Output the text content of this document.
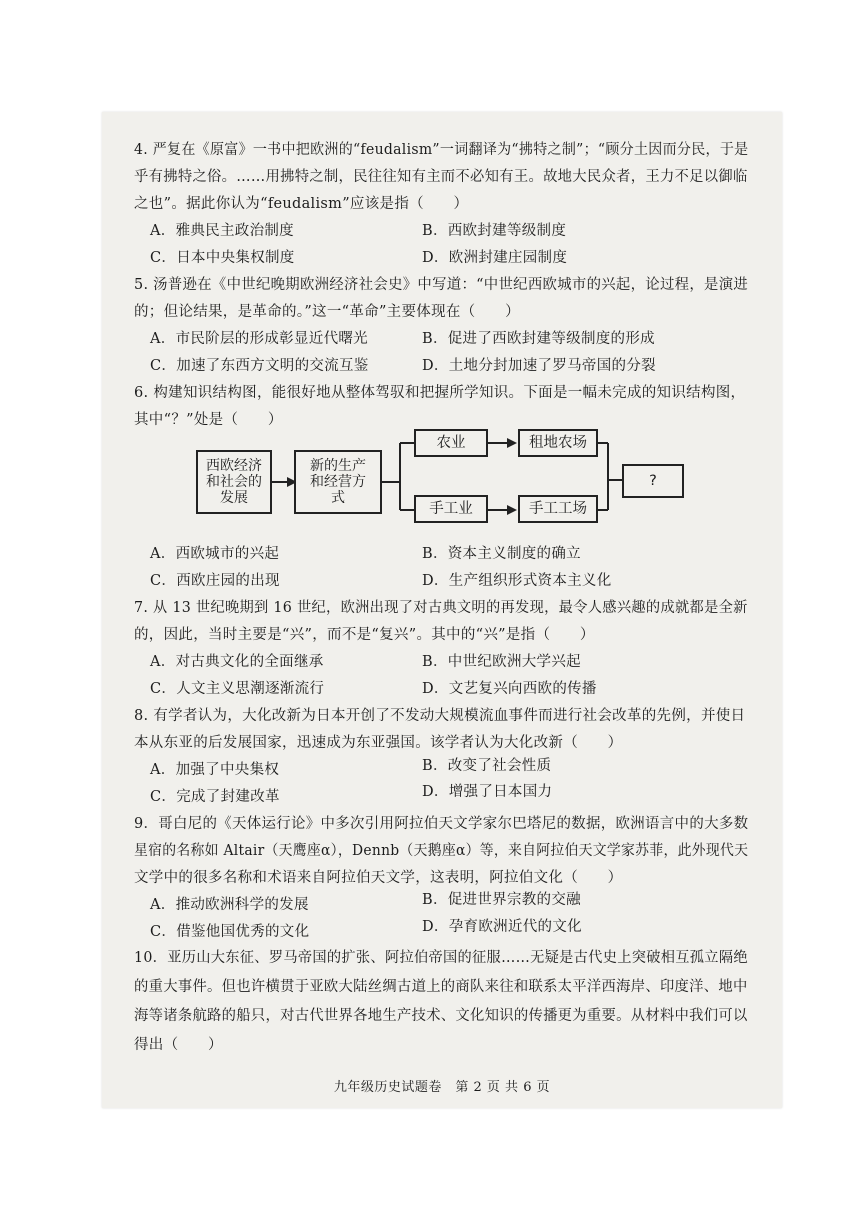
4. 严复在《原富》一书中把欧洲的“feudalism”一词翻译为“拂特之制”；“顾分土因而分民，于是
乎有拂特之俗。……用拂特之制，民往往知有主而不必知有王。故地大民众者，王力不足以御临
之也”。据此你认为“feudalism”应该是指（　　）
A．雅典民主政治制度	B．西欧封建等级制度
C．日本中央集权制度	D．欧洲封建庄园制度
5. 汤普逊在《中世纪晚期欧洲经济社会史》中写道：“中世纪西欧城市的兴起，论过程，是演进
的；但论结果，是革命的。”这一“革命”主要体现在（　　）
A．市民阶层的形成彰显近代曙光	B．促进了西欧封建等级制度的形成
C．加速了东西方文明的交流互鉴	D．土地分封加速了罗马帝国的分裂
6. 构建知识结构图，能很好地从整体驾驭和把握所学知识。下面是一幅未完成的知识结构图，
其中“？”处是（　　）
西欧经济和社会的发展
新的生产和经营方式
农业	租地农场
手工业	手工工场
?
A．西欧城市的兴起	B．资本主义制度的确立
C．西欧庄园的出现	D．生产组织形式资本主义化
7. 从 13 世纪晚期到 16 世纪，欧洲出现了对古典文明的再发现，最令人感兴趣的成就都是全新
的，因此，当时主要是“兴”，而不是“复兴”。其中的“兴”是指（　　）
A．对古典文化的全面继承	B．中世纪欧洲大学兴起
C．人文主义思潮逐渐流行	D．文艺复兴向西欧的传播
8. 有学者认为，大化改新为日本开创了不发动大规模流血事件而进行社会改革的先例，并使日
本从东亚的后发展国家，迅速成为东亚强国。该学者认为大化改新（　　）
A．加强了中央集权	B．改变了社会性质
C．完成了封建改革	D．增强了日本国力
9．哥白尼的《天体运行论》中多次引用阿拉伯天文学家尔巴塔尼的数据，欧洲语言中的大多数
星宿的名称如 Altair（天鹰座α），Dennb（天鹅座α）等，来自阿拉伯天文学家苏菲，此外现代天
文学中的很多名称和术语来自阿拉伯天文学，这表明，阿拉伯文化（　　）
A．推动欧洲科学的发展	B．促进世界宗教的交融
C．借鉴他国优秀的文化	D．孕育欧洲近代的文化
10．亚历山大东征、罗马帝国的扩张、阿拉伯帝国的征服……无疑是古代史上突破相互孤立隔绝
的重大事件。但也许横贯于亚欧大陆丝绸古道上的商队来往和联系太平洋西海岸、印度洋、地中
海等诸条航路的船只，对古代世界各地生产技术、文化知识的传播更为重要。从材料中我们可以
得出（　　）
九年级历史试题卷　第 2 页 共 6 页
